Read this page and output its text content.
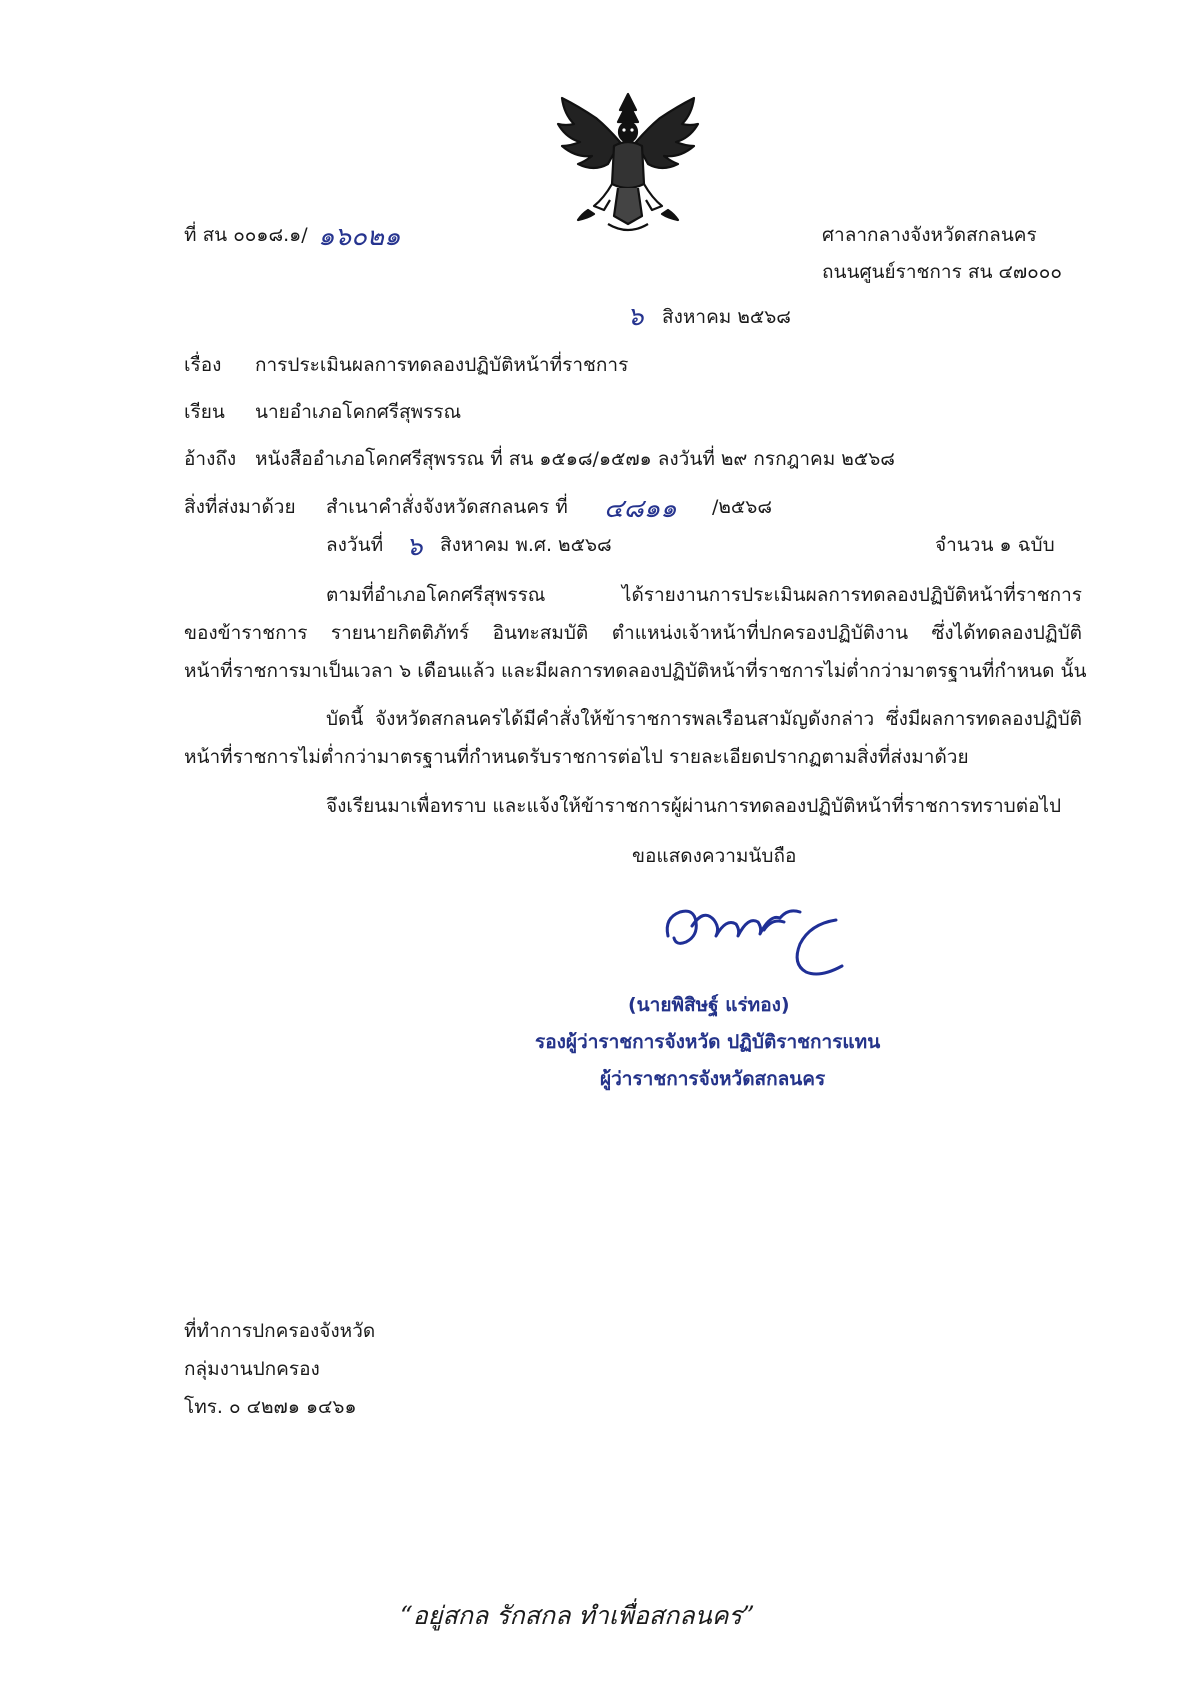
ที่ สน ๐๐๑๘.๑/ ๑๖๐๒๑	ศาลากลางจังหวัดสกลนคร
ถนนศูนย์ราชการ สน ๔๗๐๐๐
๖ สิงหาคม ๒๕๖๘
เรื่อง การประเมินผลการทดลองปฏิบัติหน้าที่ราชการ
เรียน นายอำเภอโคกศรีสุพรรณ
อ้างถึง หนังสืออำเภอโคกศรีสุพรรณ ที่ สน ๑๕๑๘/๑๕๗๑ ลงวันที่ ๒๙ กรกฎาคม ๒๕๖๘
สิ่งที่ส่งมาด้วย สำเนาคำสั่งจังหวัดสกลนคร ที่ ๔๘๑๑ /๒๕๖๘
ลงวันที่ ๖ สิงหาคม พ.ศ. ๒๕๖๘	จำนวน ๑ ฉบับ
ตามที่อำเภอโคกศรีสุพรรณ ได้รายงานการประเมินผลการทดลองปฏิบัติหน้าที่ราชการ
ของข้าราชการ รายนายกิตติภัทร์ อินทะสมบัติ ตำแหน่งเจ้าหน้าที่ปกครองปฏิบัติงาน ซึ่งได้ทดลองปฏิบัติ
หน้าที่ราชการมาเป็นเวลา ๖ เดือนแล้ว และมีผลการทดลองปฏิบัติหน้าที่ราชการไม่ต่ำกว่ามาตรฐานที่กำหนด นั้น
บัดนี้ จังหวัดสกลนครได้มีคำสั่งให้ข้าราชการพลเรือนสามัญดังกล่าว ซึ่งมีผลการทดลองปฏิบัติ
หน้าที่ราชการไม่ต่ำกว่ามาตรฐานที่กำหนดรับราชการต่อไป รายละเอียดปรากฏตามสิ่งที่ส่งมาด้วย
จึงเรียนมาเพื่อทราบ และแจ้งให้ข้าราชการผู้ผ่านการทดลองปฏิบัติหน้าที่ราชการทราบต่อไป
ขอแสดงความนับถือ
(นายพิสิษฐ์ แร่ทอง)
รองผู้ว่าราชการจังหวัด ปฏิบัติราชการแทน
ผู้ว่าราชการจังหวัดสกลนคร
ที่ทำการปกครองจังหวัด
กลุ่มงานปกครอง
โทร. ๐ ๔๒๗๑ ๑๔๖๑
“อยู่สกล รักสกล ทำเพื่อสกลนคร”
